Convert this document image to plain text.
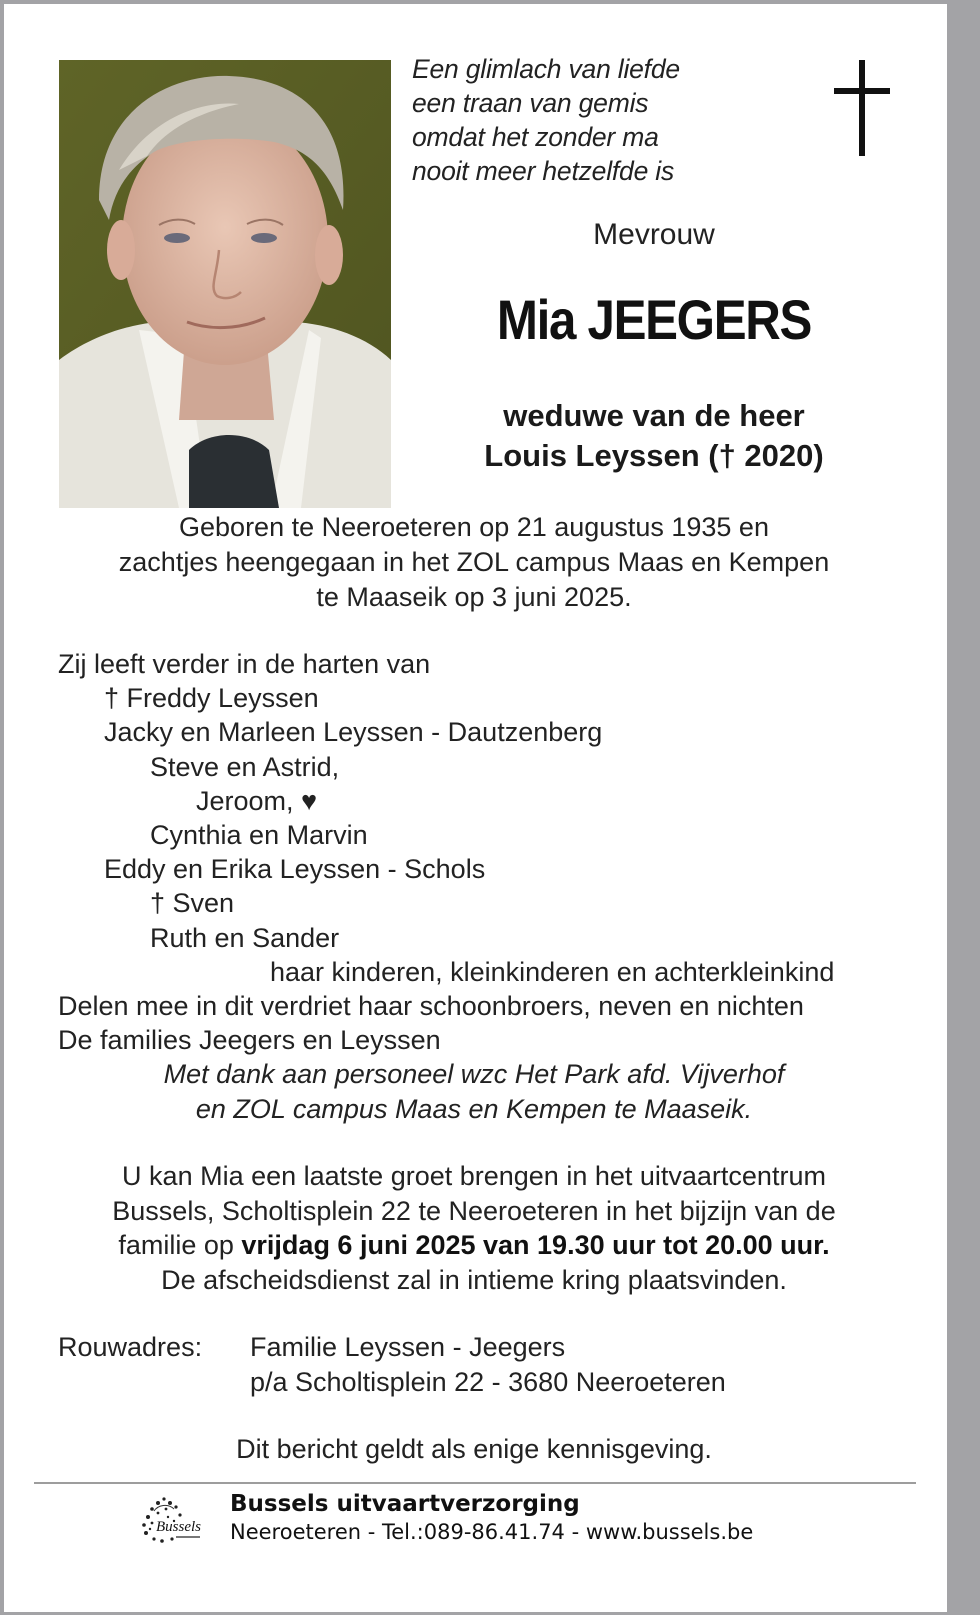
Een glimlach van liefde
een traan van gemis
omdat het zonder ma
nooit meer hetzelfde is
Mevrouw
Mia JEEGERS
weduwe van de heer
Louis Leyssen († 2020)
Geboren te Neeroeteren op 21 augustus 1935 en
zachtjes heengegaan in het ZOL campus Maas en Kempen
te Maaseik op 3 juni 2025.
Zij leeft verder in de harten van
† Freddy Leyssen
Jacky en Marleen Leyssen - Dautzenberg
Steve en Astrid,
Jeroom, ♥
Cynthia en Marvin
Eddy en Erika Leyssen - Schols
† Sven
Ruth en Sander
haar kinderen, kleinkinderen en achterkleinkind
Delen mee in dit verdriet haar schoonbroers, neven en nichten
De families Jeegers en Leyssen
Met dank aan personeel wzc Het Park afd. Vijverhof
en ZOL campus Maas en Kempen te Maaseik.
U kan Mia een laatste groet brengen in het uitvaartcentrum
Bussels, Scholtisplein 22 te Neeroeteren in het bijzijn van de
familie op vrijdag 6 juni 2025 van 19.30 uur tot 20.00 uur.
De afscheidsdienst zal in intieme kring plaatsvinden.
Rouwadres: Familie Leyssen - Jeegers
p/a Scholtisplein 22 - 3680 Neeroeteren
Dit bericht geldt als enige kennisgeving.
Bussels
Bussels uitvaartverzorging
Neeroeteren - Tel.:089-86.41.74 - www.bussels.be
